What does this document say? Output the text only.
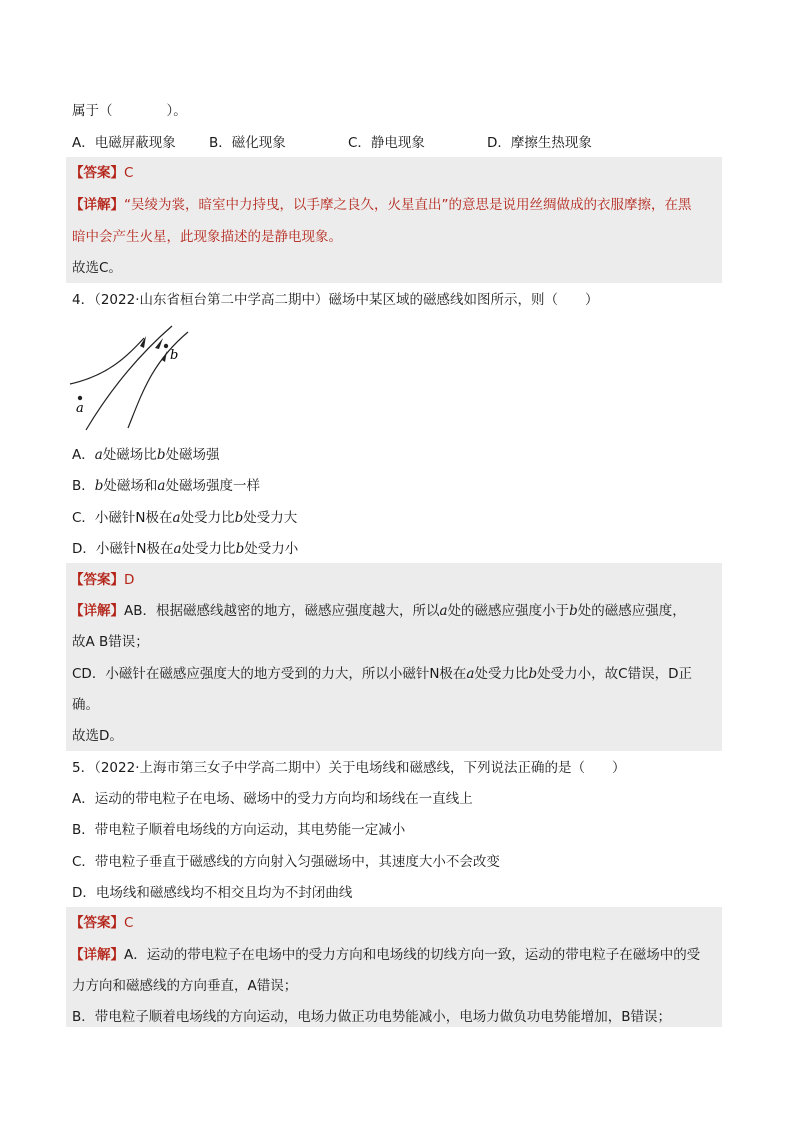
属于（　　　　）。
A．电磁屏蔽现象 B．磁化现象	C．静电现象	D．摩擦生热现象
【答案】C
【详解】“吴绫为裳，暗室中力持曳，以手摩之良久，火星直出”的意思是说用丝绸做成的衣服摩擦，在黑
暗中会产生火星，此现象描述的是静电现象。
故选C。
4．（2022·山东省桓台第二中学高二期中）磁场中某区域的磁感线如图所示，则（　　）
a
b
A．a处磁场比b处磁场强
B．b处磁场和a处磁场强度一样
C．小磁针N极在a处受力比b处受力大
D．小磁针N极在a处受力比b处受力小
【答案】D
【详解】AB．根据磁感线越密的地方，磁感应强度越大，所以a处的磁感应强度小于b处的磁感应强度，
故A B错误；
CD．小磁针在磁感应强度大的地方受到的力大，所以小磁针N极在a处受力比b处受力小，故C错误，D正
确。
故选D。
5．（2022·上海市第三女子中学高二期中）关于电场线和磁感线，下列说法正确的是（　　）
A．运动的带电粒子在电场、磁场中的受力方向均和场线在一直线上
B．带电粒子顺着电场线的方向运动，其电势能一定减小
C．带电粒子垂直于磁感线的方向射入匀强磁场中，其速度大小不会改变
D．电场线和磁感线均不相交且均为不封闭曲线
【答案】C
【详解】A．运动的带电粒子在电场中的受力方向和电场线的切线方向一致，运动的带电粒子在磁场中的受
力方向和磁感线的方向垂直，A错误；
B．带电粒子顺着电场线的方向运动，电场力做正功电势能减小，电场力做负功电势能增加，B错误；
